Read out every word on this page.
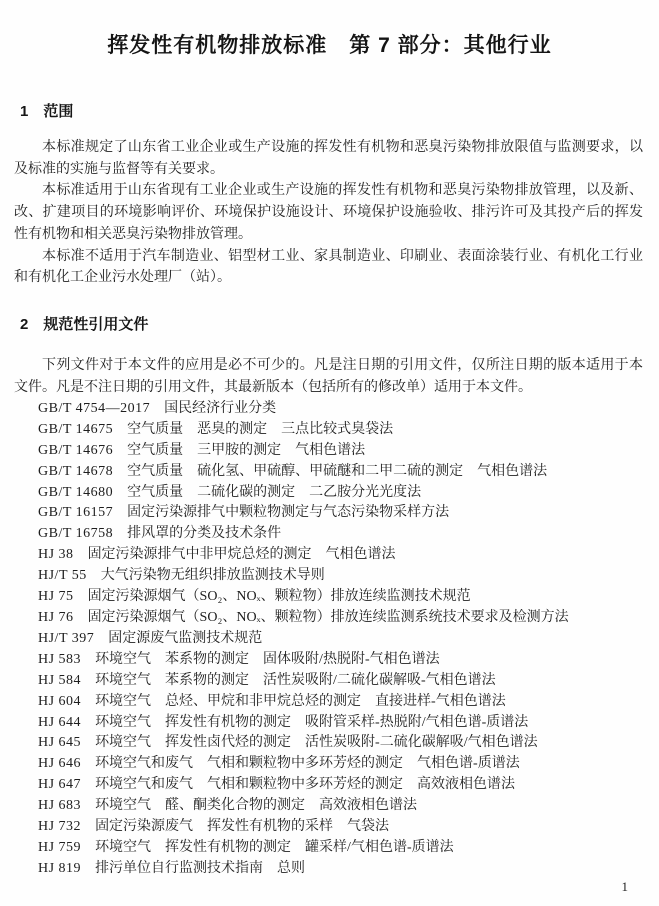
挥发性有机物排放标准　第 7 部分：其他行业
1 范围

本标准规定了山东省工业企业或生产设施的挥发性有机物和恶臭污染物排放限值与监测要求，以及标准的实施与监督等有关要求。

本标准适用于山东省现有工业企业或生产设施的挥发性有机物和恶臭污染物排放管理，以及新、改、扩建项目的环境影响评价、环境保护设施设计、环境保护设施验收、排污许可及其投产后的挥发性有机物和相关恶臭污染物排放管理。

本标准不适用于汽车制造业、铝型材工业、家具制造业、印刷业、表面涂装行业、有机化工行业和有机化工企业污水处理厂（站）。

2 规范性引用文件

下列文件对于本文件的应用是必不可少的。凡是注日期的引用文件，仅所注日期的版本适用于本文件。凡是不注日期的引用文件，其最新版本（包括所有的修改单）适用于本文件。

GB/T 4754—2017 国民经济行业分类
GB/T 14675 空气质量　恶臭的测定　三点比较式臭袋法
GB/T 14676 空气质量　三甲胺的测定　气相色谱法
GB/T 14678 空气质量　硫化氢、甲硫醇、甲硫醚和二甲二硫的测定　气相色谱法
GB/T 14680 空气质量　二硫化碳的测定　二乙胺分光光度法
GB/T 16157 固定污染源排气中颗粒物测定与气态污染物采样方法
GB/T 16758 排风罩的分类及技术条件
HJ 38 固定污染源排气中非甲烷总烃的测定　气相色谱法
HJ/T 55 大气污染物无组织排放监测技术导则
HJ 75 固定污染源烟气（SO₂、NOₓ、颗粒物）排放连续监测技术规范
HJ 76 固定污染源烟气（SO₂、NOₓ、颗粒物）排放连续监测系统技术要求及检测方法
HJ/T 397 固定源废气监测技术规范
HJ 583 环境空气　苯系物的测定　固体吸附/热脱附-气相色谱法
HJ 584 环境空气　苯系物的测定　活性炭吸附/二硫化碳解吸-气相色谱法
HJ 604 环境空气　总烃、甲烷和非甲烷总烃的测定　直接进样-气相色谱法
HJ 644 环境空气　挥发性有机物的测定　吸附管采样-热脱附/气相色谱-质谱法
HJ 645 环境空气　挥发性卤代烃的测定　活性炭吸附-二硫化碳解吸/气相色谱法
HJ 646 环境空气和废气　气相和颗粒物中多环芳烃的测定　气相色谱-质谱法
HJ 647 环境空气和废气　气相和颗粒物中多环芳烃的测定　高效液相色谱法
HJ 683 环境空气　醛、酮类化合物的测定　高效液相色谱法
HJ 732 固定污染源废气　挥发性有机物的采样　气袋法
HJ 759 环境空气　挥发性有机物的测定　罐采样/气相色谱-质谱法
HJ 819 排污单位自行监测技术指南　总则
1
